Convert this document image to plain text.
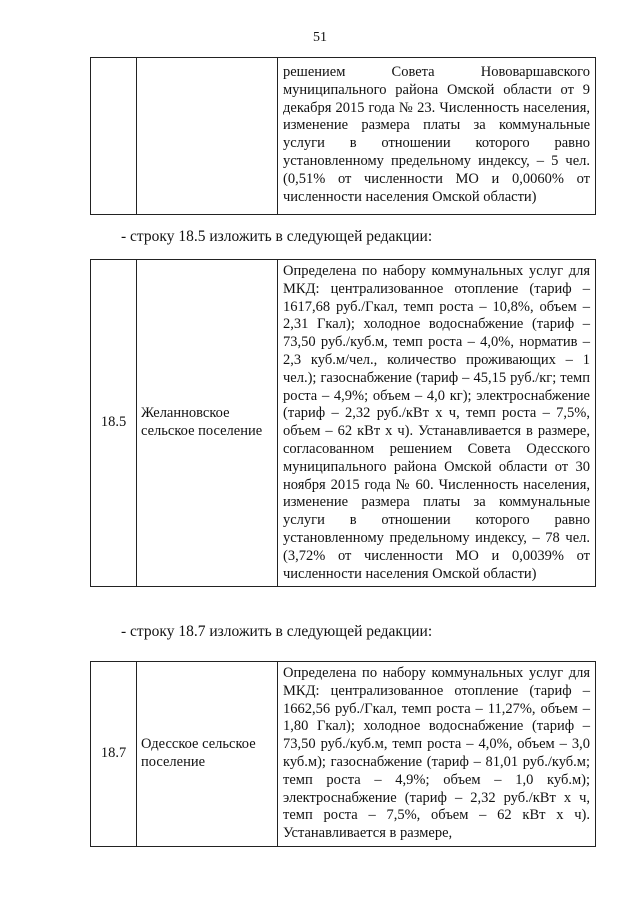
51
		решением Совета Нововаршавского муниципального района Омской области от 9 декабря 2015 года № 23. Численность населения, изменение размера платы за коммунальные услуги в отношении которого равно установленному предельному индексу, – 5 чел. (0,51% от численности МО и 0,0060% от численности населения Омской области)
- строку 18.5 изложить в следующей редакции:
18.5	Желанновское сельское поселение	Определена по набору коммунальных услуг для МКД: централизованное отопление (тариф – 1617,68 руб./Гкал, темп роста – 10,8%, объем – 2,31 Гкал); холодное водоснабжение (тариф – 73,50 руб./куб.м, темп роста – 4,0%, норматив – 2,3 куб.м/чел., количество проживающих – 1 чел.); газоснабжение (тариф – 45,15 руб./кг; темп роста – 4,9%; объем – 4,0 кг); электроснабжение (тариф – 2,32 руб./кВт х ч, темп роста – 7,5%, объем – 62 кВт х ч). Устанавливается в размере, согласованном решением Совета Одесского муниципального района Омской области от 30 ноября 2015 года № 60. Численность населения, изменение размера платы за коммунальные услуги в отношении которого равно установленному предельному индексу, – 78 чел. (3,72% от численности МО и 0,0039% от численности населения Омской области)
- строку 18.7 изложить в следующей редакции:
18.7	Одесское сельское поселение	Определена по набору коммунальных услуг для МКД: централизованное отопление (тариф – 1662,56 руб./Гкал, темп роста – 11,27%, объем – 1,80 Гкал); холодное водоснабжение (тариф – 73,50 руб./куб.м, темп роста – 4,0%, объем – 3,0 куб.м); газоснабжение (тариф – 81,01 руб./куб.м; темп роста – 4,9%; объем – 1,0 куб.м); электроснабжение (тариф – 2,32 руб./кВт х ч, темп роста – 7,5%, объем – 62 кВт х ч). Устанавливается в размере,
